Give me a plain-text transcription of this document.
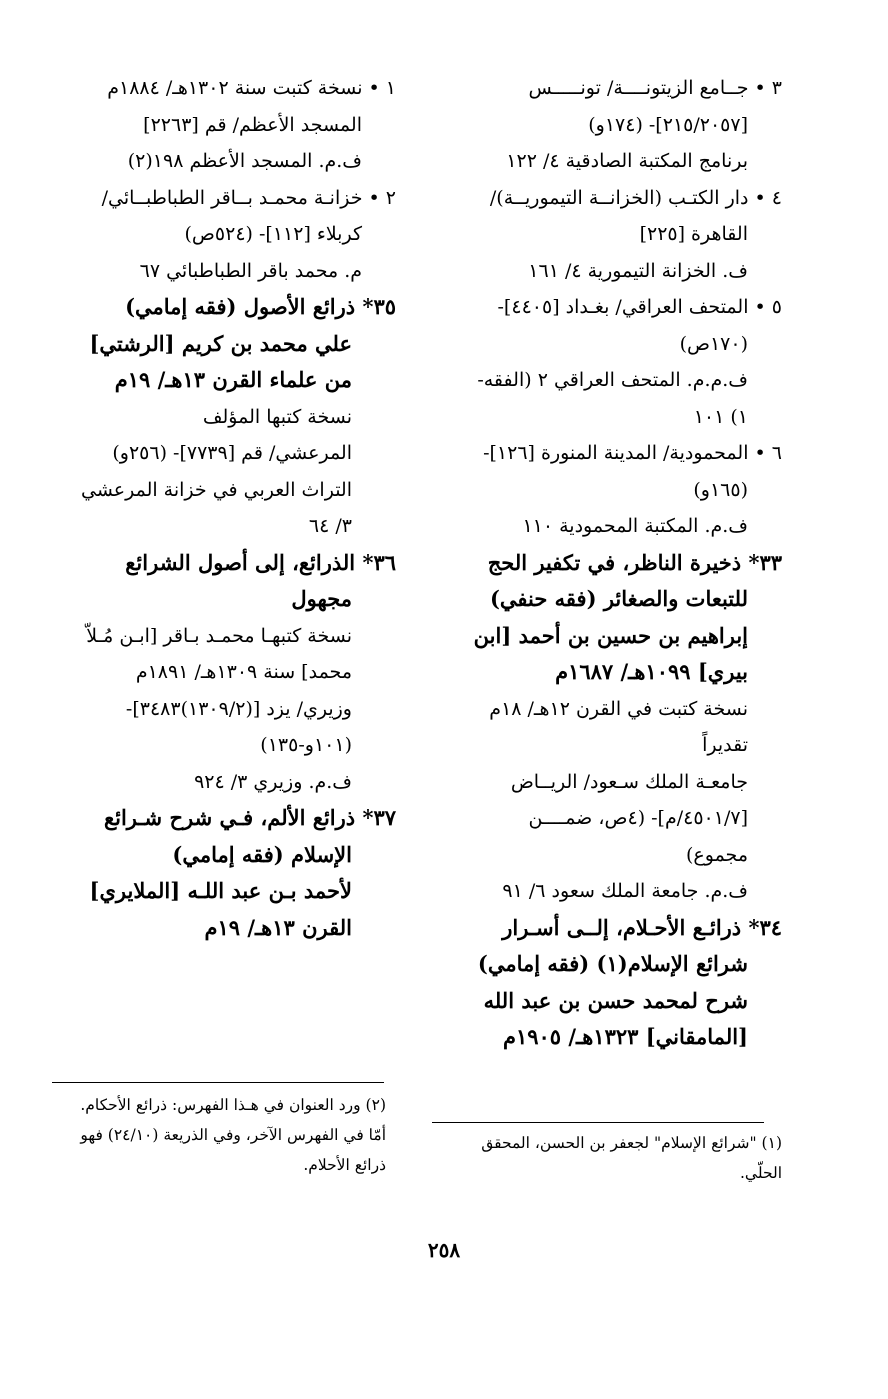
٣ • جــامع الزيتونــــة/ تونـــــس
[٢١٥/٢٠٥٧]- (١٧٤و)
برنامج المكتبة الصادقية ٤/ ١٢٢
٤ • دار الكتـب (الخزانــة التيموريــة)/
القاهرة [٢٢٥]
ف. الخزانة التيمورية ٤/ ١٦١
٥ • المتحف العراقي/ بغـداد [٤٤٠٥]-
(١٧٠ص)
ف.م.م. المتحف العراقي ٢ (الفقه-
١) ١٠١
٦ • المحمودية/ المدينة المنورة [١٢٦]-
(١٦٥و)
ف.م. المكتبة المحمودية ١١٠
٣٣* ذخيرة الناظر، في تكفير الحج
للتبعات والصغائر (فقه حنفي)
إبراهيم بن حسين بن أحمد [ابن
بيري] ١٠٩٩هـ/ ١٦٨٧م
نسخة كتبت في القرن ١٢هـ/ ١٨م
تقديراً
جامعـة الملك سـعود/ الريــاض
[٤٥٠١/٧/م]- (٤ص، ضمــــن
مجموع)
ف.م. جامعة الملك سعود ٦/ ٩١
٣٤* ذرائـع الأحـلام، إلــى أسـرار
شرائع الإسلام(١) (فقه إمامي)
شرح لمحمد حسن بن عبد الله
[المامقاني] ١٣٢٣هـ/ ١٩٠٥م
١ • نسخة كتبت سنة ١٣٠٢هـ/ ١٨٨٤م
المسجد الأعظم/ قم [٢٢٦٣]
ف.م. المسجد الأعظم ١٩٨(٢)
٢ • خزانـة محمـد بــاقر الطباطبــائي/
كربلاء [١١٢]- (٥٢٤ص)
م. محمد باقر الطباطبائي ٦٧
٣٥* ذرائع الأصول (فقه إمامي)
علي محمد بن كريم [الرشتي]
من علماء القرن ١٣هـ/ ١٩م
نسخة كتبها المؤلف
المرعشي/ قم [٧٧٣٩]- (٢٥٦و)
التراث العربي في خزانة المرعشي
٣/ ٦٤
٣٦* الذرائع، إلى أصول الشرائع
مجهول
نسخة كتبهـا محمـد بـاقر [ابـن مُـلاّ
محمد] سنة ١٣٠٩هـ/ ١٨٩١م
وزيري/ يزد [(١٣٠٩/٢)٣٤٨٣]-
(١٠١و-١٣٥)
ف.م. وزيري ٣/ ٩٢٤
٣٧* ذرائع الألم، فـي شرح شـرائع
الإسلام (فقه إمامي)
لأحمد بـن عبد اللـه [الملايري]
القرن ١٣هـ/ ١٩م
(١) "شرائع الإسلام" لجعفر بن الحسن، المحقق
الحلّي.
(٢) ورد العنوان في هـذا الفهرس: ذرائع الأحكام.
أمّا في الفهرس الآخر، وفي الذريعة (٢٤/١٠) فهو
ذرائع الأحلام.
٢٥٨
